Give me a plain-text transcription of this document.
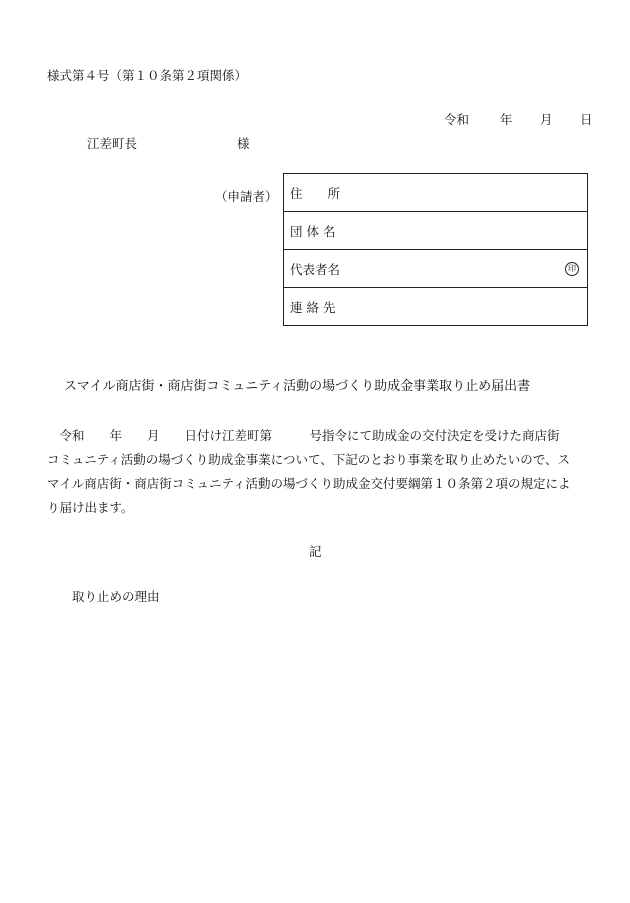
様式第４号（第１０条第２項関係）
令和 年 月 日
江差町長	様
（申請者） 住　　所
団 体 名
代表者名	印

連 絡 先
スマイル商店街・商店街コミュニティ活動の場づくり助成金事業取り止め届出書

　令和　　年　　月　　日付け江差町第　　　号指令にて助成金の交付決定を受けた商店街

コミュニティ活動の場づくり助成金事業について、下記のとおり事業を取り止めたいので、ス

マイル商店街・商店街コミュニティ活動の場づくり助成金交付要綱第１０条第２項の規定によ

り届け出ます。

記
取り止めの理由
